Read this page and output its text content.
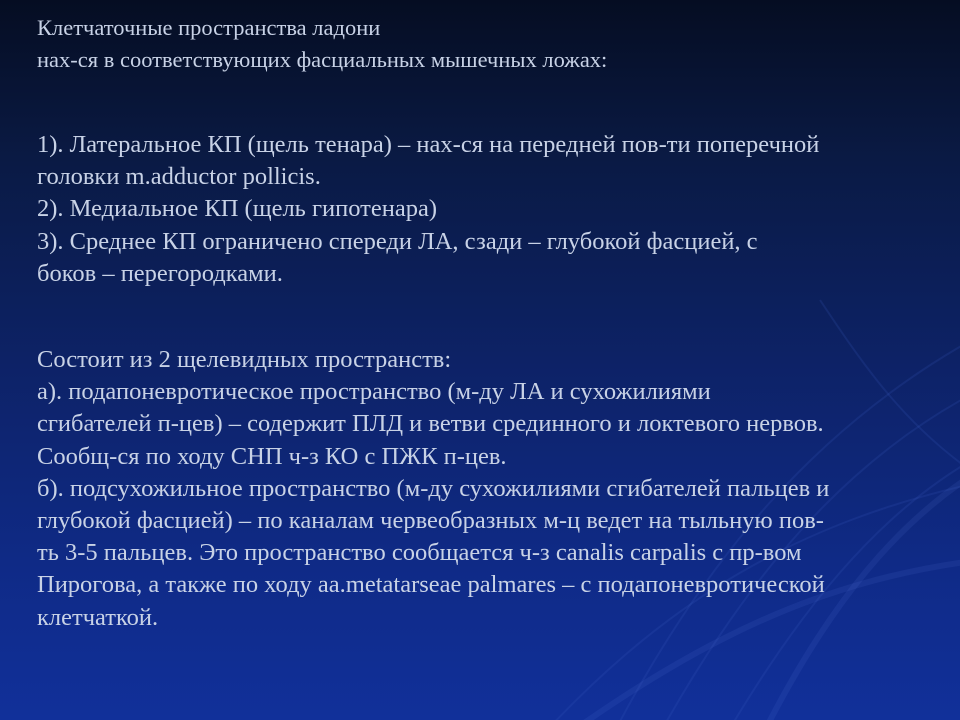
Клетчаточные пространства ладони
нах-ся в соответствующих фасциальных мышечных ложах:
1). Латеральное КП (щель тенара) – нах-ся на передней пов-ти поперечной
головки m.adductor pollicis.
2). Медиальное КП (щель гипотенара)
3). Среднее КП ограничено спереди ЛА, сзади – глубокой фасцией, с
боков – перегородками.
Состоит из 2 щелевидных пространств:
а). подапоневротическое пространство (м-ду ЛА и сухожилиями
сгибателей п-цев) – содержит ПЛД и ветви срединного и локтевого нервов.
Сообщ-ся по ходу СНП ч-з КО с ПЖК п-цев.
б). подсухожильное пространство (м-ду сухожилиями сгибателей пальцев и
глубокой фасцией) – по каналам червеобразных м-ц ведет на тыльную пов-
ть 3-5 пальцев. Это пространство сообщается ч-з canalis carpalis с пр-вом
Пирогова, а также по ходу aa.metatarseae palmares – с подапоневротической
клетчаткой.
